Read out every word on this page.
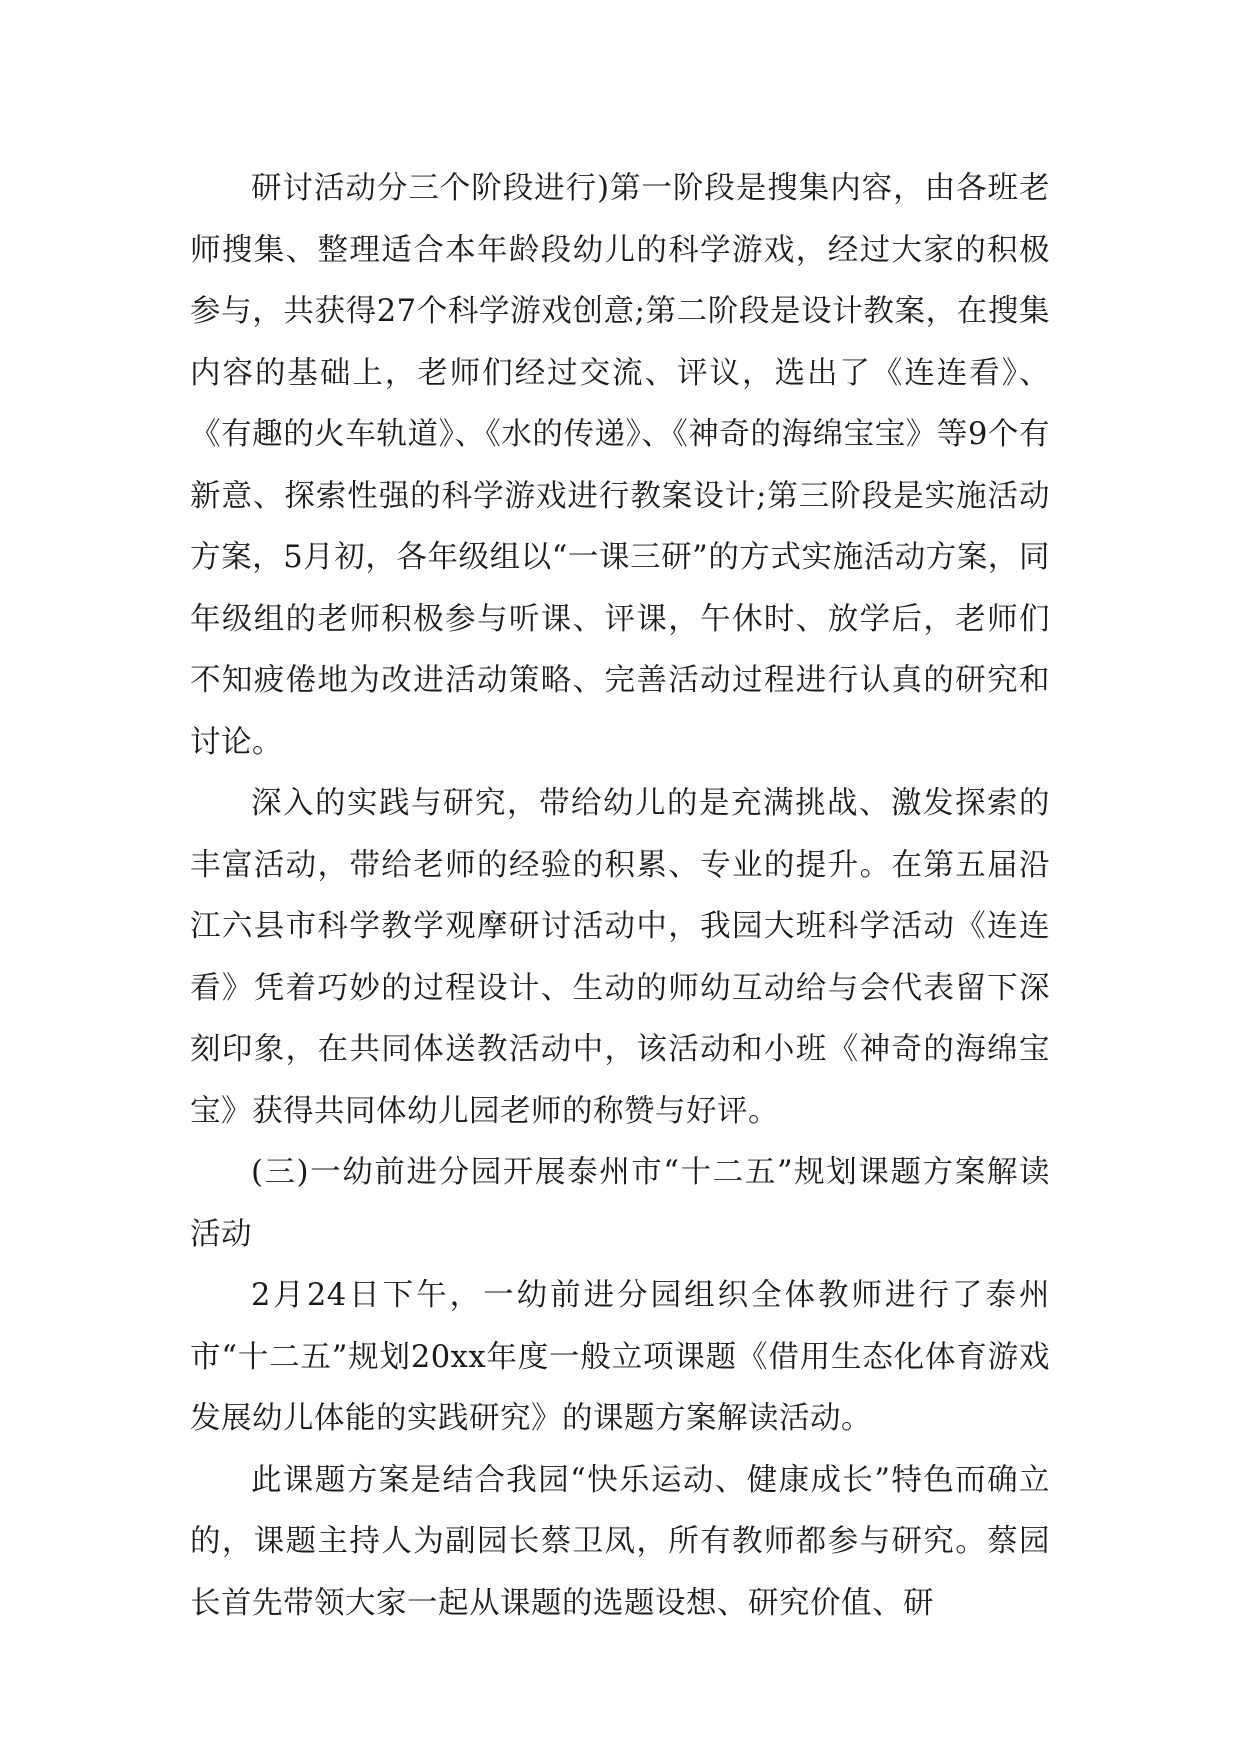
研讨活动分三个阶段进行)第一阶段是搜集内容，由各班老师搜集、整理适合本年龄段幼儿的科学游戏，经过大家的积极参与，共获得27个科学游戏创意;第二阶段是设计教案，在搜集内容的基础上，老师们经过交流、评议，选出了《连连看》、《有趣的火车轨道》、《水的传递》、《神奇的海绵宝宝》等9个有新意、探索性强的科学游戏进行教案设计;第三阶段是实施活动方案，5月初，各年级组以“一课三研”的方式实施活动方案，同年级组的老师积极参与听课、评课，午休时、放学后，老师们不知疲倦地为改进活动策略、完善活动过程进行认真的研究和讨论。

深入的实践与研究，带给幼儿的是充满挑战、激发探索的丰富活动，带给老师的经验的积累、专业的提升。在第五届沿江六县市科学教学观摩研讨活动中，我园大班科学活动《连连看》凭着巧妙的过程设计、生动的师幼互动给与会代表留下深刻印象，在共同体送教活动中，该活动和小班《神奇的海绵宝宝》获得共同体幼儿园老师的称赞与好评。

(三)一幼前进分园开展泰州市“十二五”规划课题方案解读活动

2月24日下午，一幼前进分园组织全体教师进行了泰州市“十二五”规划20xx年度一般立项课题《借用生态化体育游戏发展幼儿体能的实践研究》的课题方案解读活动。

此课题方案是结合我园“快乐运动、健康成长”特色而确立的，课题主持人为副园长蔡卫凤，所有教师都参与研究。蔡园长首先带领大家一起从课题的选题设想、研究价值、研
